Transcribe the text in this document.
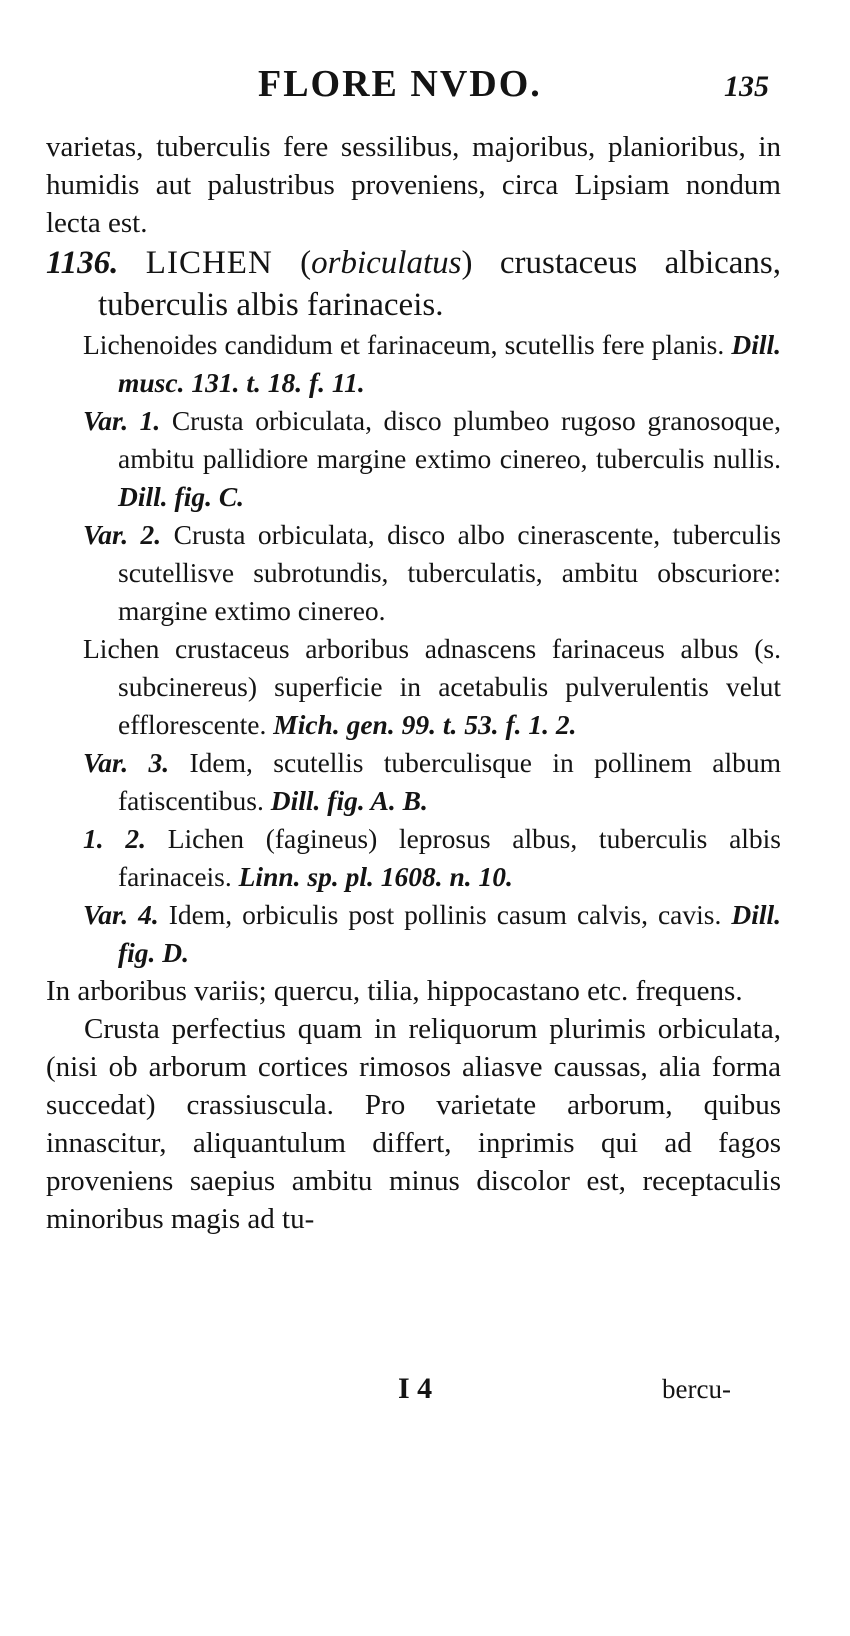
FLORE NVDO.	135

varietas, tuberculis fere sessilibus, majoribus, planioribus, in humidis aut palustribus proveniens, circa Lipsiam nondum lecta est.

1136. LICHEN (orbiculatus) crustaceus albicans, tuberculis albis farinaceis.

Lichenoides candidum et farinaceum, scutellis fere planis. Dill. musc. 131. t. 18. f. 11.

Var. 1. Crusta orbiculata, disco plumbeo rugoso granosoque, ambitu pallidiore margine extimo cinereo, tuberculis nullis. Dill. fig. C.

Var. 2. Crusta orbiculata, disco albo cinerascente, tuberculis scutellisve subrotundis, tuberculatis, ambitu obscuriore: margine extimo cinereo.

Lichen crustaceus arboribus adnascens farinaceus albus (s. subcinereus) superficie in acetabulis pulverulentis velut efflorescente. Mich. gen. 99. t. 53. f. 1. 2.

Var. 3. Idem, scutellis tuberculisque in pollinem album fatiscentibus. Dill. fig. A. B.

1. 2. Lichen (fagineus) leprosus albus, tuberculis albis farinaceis. Linn. sp. pl. 1608. n. 10.

Var. 4. Idem, orbiculis post pollinis casum calvis, cavis. Dill. fig. D.

In arboribus variis; quercu, tilia, hippocastano etc. frequens.

Crusta perfectius quam in reliquorum plurimis orbiculata, (nisi ob arborum cortices rimosos aliasve caussas, alia forma succedat) crassiuscula. Pro varietate arborum, quibus innascitur, aliquantulum differt, inprimis qui ad fagos proveniens saepius ambitu minus discolor est, receptaculis minoribus magis ad tu-

I 4	bercu-
